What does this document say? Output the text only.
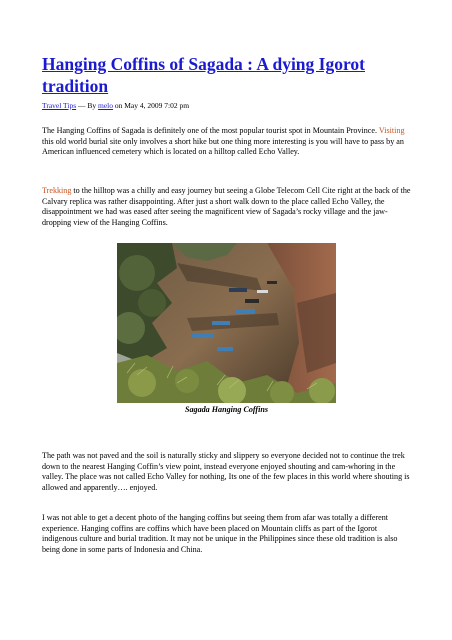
Hanging Coffins of Sagada : A dying Igorot tradition
Travel Tips — By melo on May 4, 2009 7:02 pm

The Hanging Coffins of Sagada is definitely one of the most popular tourist spot in Mountain Province. Visiting this old world burial site only involves a short hike but one thing more interesting is you will have to pass by an American influenced cemetery which is located on a hilltop called Echo Valley.

Trekking to the hilltop was a chilly and easy journey but seeing a Globe Telecom Cell Cite right at the back of the Calvary replica was rather disappointing. After just a short walk down to the place called Echo Valley, the disappointment we had was eased after seeing the magnificent view of Sagada’s rocky village and the jaw-dropping view of the Hanging Coffins.

Sagada Hanging Coffins

The path was not paved and the soil is naturally sticky and slippery so everyone decided not to continue the trek down to the nearest Hanging Coffin’s view point, instead everyone enjoyed shouting and cam-whoring in the valley. The place was not called Echo Valley for nothing, Its one of the few places in this world where shouting is allowed and apparently…. enjoyed.

I was not able to get a decent photo of the hanging coffins but seeing them from afar was totally a different experience. Hanging coffins are coffins which have been placed on Mountain cliffs as part of the Igorot indigenous culture and burial tradition. It may not be unique in the Philippines since these old tradition is also being done in some parts of Indonesia and China.
